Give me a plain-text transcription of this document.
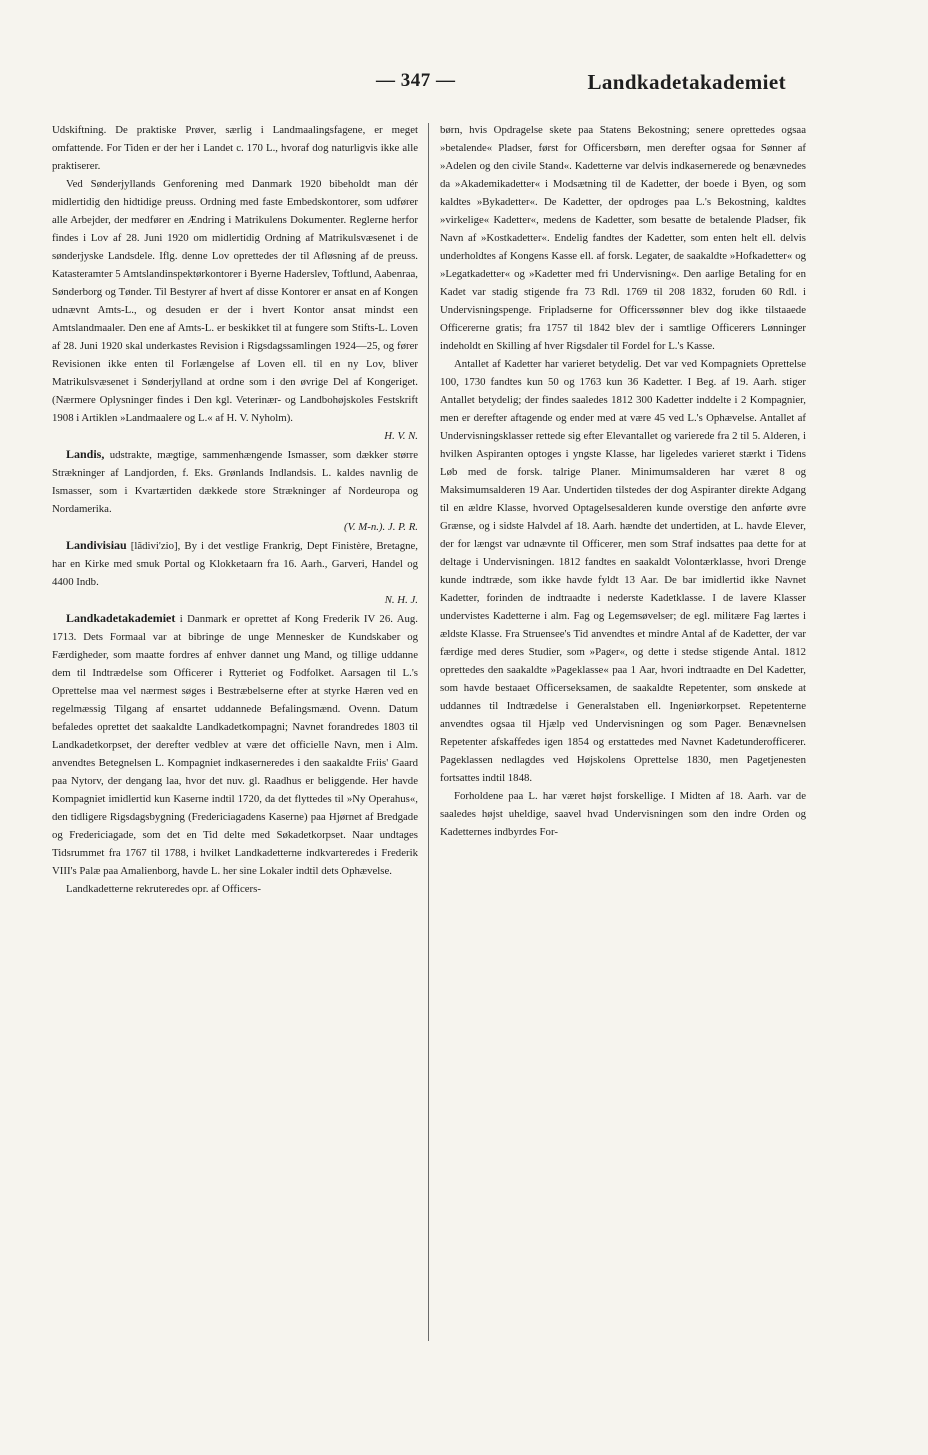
— 347 —	Landkadetakademiet

Udskiftning. De praktiske Prøver, særlig i Landmaalingsfagene, er meget omfattende. For Tiden er der her i Landet c. 170 L., hvoraf dog naturligvis ikke alle praktiserer.

Ved Sønderjyllands Genforening med Danmark 1920 bibeholdt man dér midlertidig den hidtidige preuss. Ordning med faste Embedskontorer, som udfører alle Arbejder, der medfører en Ændring i Matrikulens Dokumenter. Reglerne herfor findes i Lov af 28. Juni 1920 om midlertidig Ordning af Matrikulsvæsenet i de sønderjyske Landsdele. Iflg. denne Lov oprettedes der til Afløsning af de preuss. Katasteramter 5 Amtslandinspektørkontorer i Byerne Haderslev, Toftlund, Aabenraa, Sønderborg og Tønder. Til Bestyrer af hvert af disse Kontorer er ansat en af Kongen udnævnt Amts-L., og desuden er der i hvert Kontor ansat mindst een Amtslandmaaler. Den ene af Amts-L. er beskikket til at fungere som Stifts-L. Loven af 28. Juni 1920 skal underkastes Revision i Rigsdagssamlingen 1924—25, og fører Revisionen ikke enten til Forlængelse af Loven ell. til en ny Lov, bliver Matrikulsvæsenet i Sønderjylland at ordne som i den øvrige Del af Kongeriget. (Nærmere Oplysninger findes i Den kgl. Veterinær- og Landbohøjskoles Festskrift 1908 i Artiklen »Landmaalere og L.« af H. V. Nyholm).
H. V. N.

Landis, udstrakte, mægtige, sammenhængende Ismasser, som dækker større Strækninger af Landjorden, f. Eks. Grønlands Indlandsis. L. kaldes navnlig de Ismasser, som i Kvartærtiden dækkede store Strækninger af Nordeuropa og Nordamerika.
(V. M-n.). J. P. R.

Landivisiau [lãdivi'zio], By i det vestlige Frankrig, Dept Finistère, Bretagne, har en Kirke med smuk Portal og Klokketaarn fra 16. Aarh., Garveri, Handel og 4400 Indb.
N. H. J.

Landkadetakademiet i Danmark er oprettet af Kong Frederik IV 26. Aug. 1713. Dets Formaal var at bibringe de unge Mennesker de Kundskaber og Færdigheder, som maatte fordres af enhver dannet ung Mand, og tillige uddanne dem til Indtrædelse som Officerer i Rytteriet og Fodfolket. Aarsagen til L.'s Oprettelse maa vel nærmest søges i Bestræbelserne efter at styrke Hæren ved en regelmæssig Tilgang af ensartet uddannede Befalingsmænd. Ovenn. Datum befaledes oprettet det saakaldte Landkadetkompagni; Navnet forandredes 1803 til Landkadetkorpset, der derefter vedblev at være det officielle Navn, men i Alm. anvendtes Betegnelsen L. Kompagniet indkaserneredes i den saakaldte Friis' Gaard paa Nytorv, der dengang laa, hvor det nuv. gl. Raadhus er beliggende. Her havde Kompagniet imidlertid kun Kaserne indtil 1720, da det flyttedes til »Ny Operahus«, den tidligere Rigsdagsbygning (Fredericiagadens Kaserne) paa Hjørnet af Bredgade og Fredericiagade, som det en Tid delte med Søkadetkorpset. Naar undtages Tidsrummet fra 1767 til 1788, i hvilket Landkadetterne indkvarteredes i Frederik VIII's Palæ paa Amalienborg, havde L. her sine Lokaler indtil dets Ophævelse.

Landkadetterne rekruteredes opr. af Officers-

børn, hvis Opdragelse skete paa Statens Bekostning; senere oprettedes ogsaa »betalende« Pladser, først for Officersbørn, men derefter ogsaa for Sønner af »Adelen og den civile Stand«. Kadetterne var delvis indkasernerede og benævnedes da »Akademikadetter« i Modsætning til de Kadetter, der boede i Byen, og som kaldtes »Bykadetter«. De Kadetter, der opdroges paa L.'s Bekostning, kaldtes »virkelige« Kadetter«, medens de Kadetter, som besatte de betalende Pladser, fik Navn af »Kostkadetter«. Endelig fandtes der Kadetter, som enten helt ell. delvis underholdtes af Kongens Kasse ell. af forsk. Legater, de saakaldte »Hofkadetter« og »Legatkadetter« og »Kadetter med fri Undervisning«. Den aarlige Betaling for en Kadet var stadig stigende fra 73 Rdl. 1769 til 208 1832, foruden 60 Rdl. i Undervisningspenge. Fripladserne for Officerssønner blev dog ikke tilstaaede Officererne gratis; fra 1757 til 1842 blev der i samtlige Officerers Lønninger indeholdt en Skilling af hver Rigsdaler til Fordel for L.'s Kasse.

Antallet af Kadetter har varieret betydelig. Det var ved Kompagniets Oprettelse 100, 1730 fandtes kun 50 og 1763 kun 36 Kadetter. I Beg. af 19. Aarh. stiger Antallet betydelig; der findes saaledes 1812 300 Kadetter inddelte i 2 Kompagnier, men er derefter aftagende og ender med at være 45 ved L.'s Ophævelse. Antallet af Undervisningsklasser rettede sig efter Elevantallet og varierede fra 2 til 5. Alderen, i hvilken Aspiranten optoges i yngste Klasse, har ligeledes varieret stærkt i Tidens Løb med de forsk. talrige Planer. Minimumsalderen har været 8 og Maksimumsalderen 19 Aar. Undertiden tilstedes der dog Aspiranter direkte Adgang til en ældre Klasse, hvorved Optagelsesalderen kunde overstige den anførte øvre Grænse, og i sidste Halvdel af 18. Aarh. hændte det undertiden, at L. havde Elever, der for længst var udnævnte til Officerer, men som Straf indsattes paa dette for at deltage i Undervisningen. 1812 fandtes en saakaldt Volontærklasse, hvori Drenge kunde indtræde, som ikke havde fyldt 13 Aar. De bar imidlertid ikke Navnet Kadetter, forinden de indtraadte i nederste Kadetklasse. I de lavere Klasser undervistes Kadetterne i alm. Fag og Legemsøvelser; de egl. militære Fag lærtes i ældste Klasse. Fra Struensee's Tid anvendtes et mindre Antal af de Kadetter, der var færdige med deres Studier, som »Pager«, og dette i stedse stigende Antal. 1812 oprettedes den saakaldte »Pageklasse« paa 1 Aar, hvori indtraadte en Del Kadetter, som havde bestaaet Officerseksamen, de saakaldte Repetenter, som ønskede at uddannes til Indtrædelse i Generalstaben ell. Ingeniørkorpset. Repetenterne anvendtes ogsaa til Hjælp ved Undervisningen og som Pager. Benævnelsen Repetenter afskaffedes igen 1854 og erstattedes med Navnet Kadetunderofficerer. Pageklassen nedlagdes ved Højskolens Oprettelse 1830, men Pagetjenesten fortsattes indtil 1848.

Forholdene paa L. har været højst forskellige. I Midten af 18. Aarh. var de saaledes højst uheldige, saavel hvad Undervisningen som den indre Orden og Kadetternes indbyrdes For-
